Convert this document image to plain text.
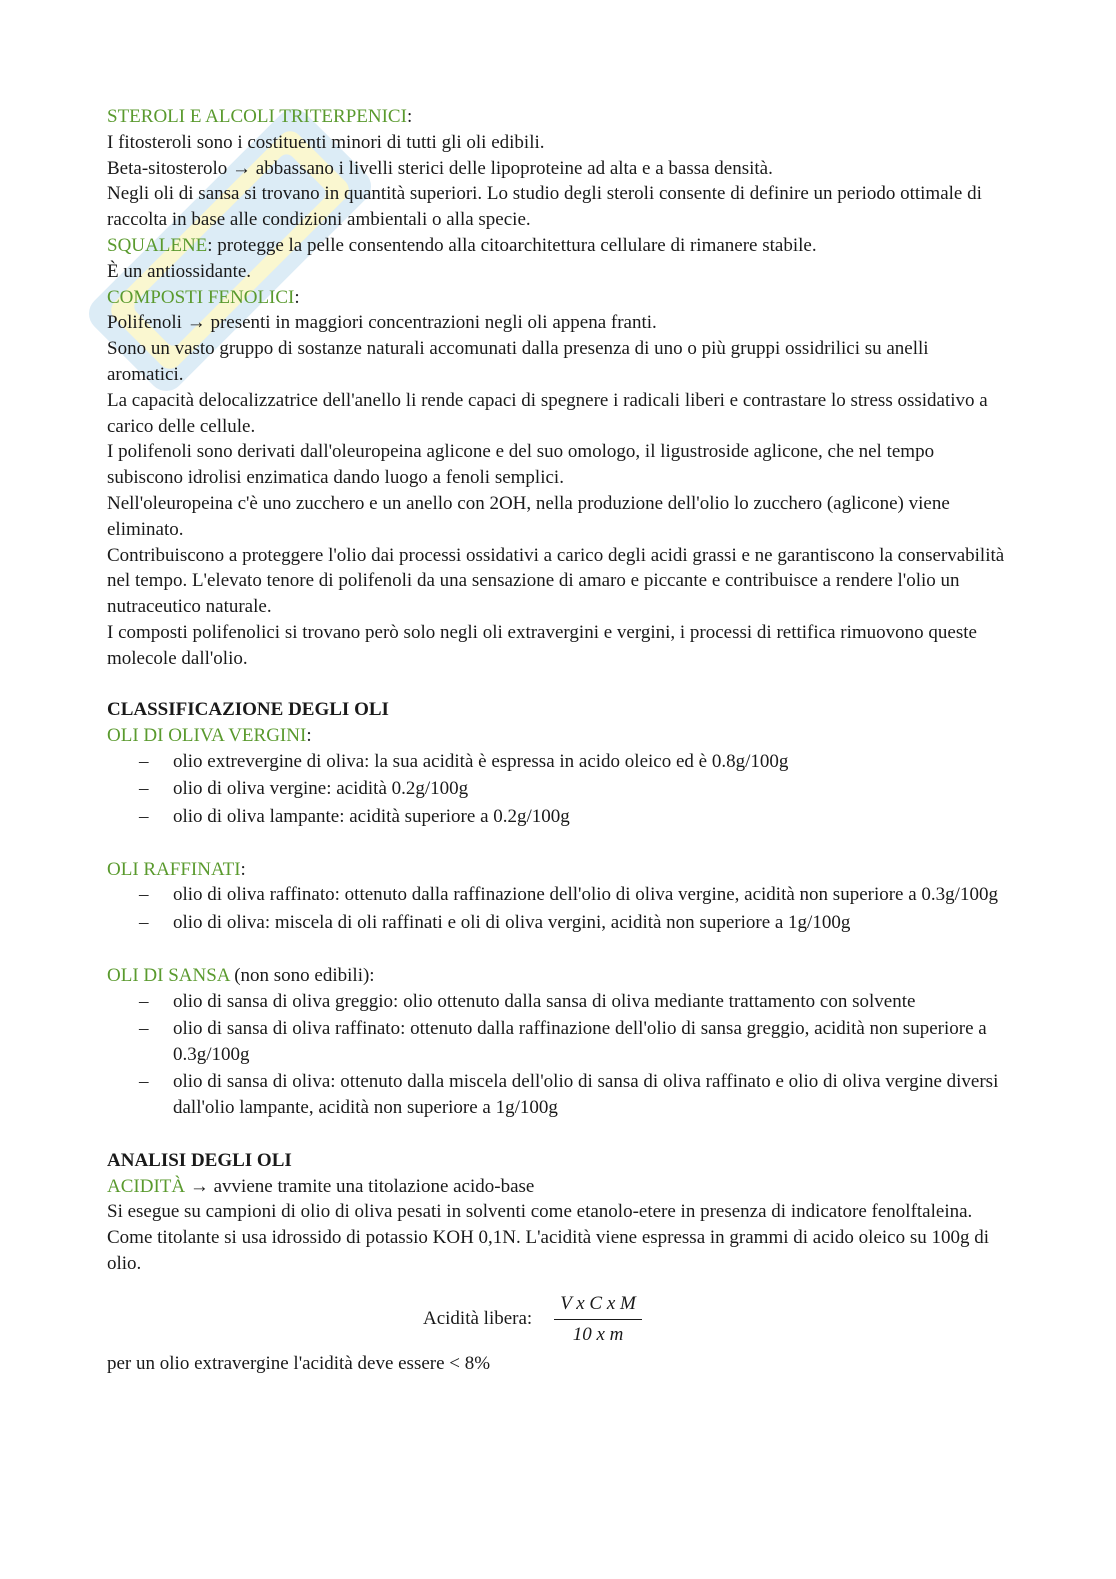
STEROLI E ALCOLI TRITERPENICI:

I fitosteroli sono i costituenti minori di tutti gli oli edibili.

Beta-sitosterolo → abbassano i livelli sterici delle lipoproteine ad alta e a bassa densità.

Negli oli di sansa si trovano in quantità superiori. Lo studio degli steroli consente di definire un periodo ottimale di raccolta in base alle condizioni ambientali o alla specie.

SQUALENE: protegge la pelle consentendo alla citoarchitettura cellulare di rimanere stabile.

È un antiossidante.

COMPOSTI FENOLICI:

Polifenoli → presenti in maggiori concentrazioni negli oli appena franti.

Sono un vasto gruppo di sostanze naturali accomunati dalla presenza di uno o più gruppi ossidrilici su anelli aromatici.

La capacità delocalizzatrice dell'anello li rende capaci di spegnere i radicali liberi e contrastare lo stress ossidativo a carico delle cellule.

I polifenoli sono derivati dall'oleuropeina aglicone e del suo omologo, il ligustroside aglicone, che nel tempo subiscono idrolisi enzimatica dando luogo a fenoli semplici.

Nell'oleuropeina c'è uno zucchero e un anello con 2OH, nella produzione dell'olio lo zucchero (aglicone) viene eliminato.

Contribuiscono a proteggere l'olio dai processi ossidativi a carico degli acidi grassi e ne garantiscono la conservabilità nel tempo. L'elevato tenore di polifenoli da una sensazione di amaro e piccante e contribuisce a rendere l'olio un nutraceutico naturale.

I composti polifenolici si trovano però solo negli oli extravergini e vergini, i processi di rettifica rimuovono queste molecole dall'olio.

CLASSIFICAZIONE DEGLI OLI

OLI DI OLIVA VERGINI:

– olio extrevergine di oliva: la sua acidità è espressa in acido oleico ed è 0.8g/100g
– olio di oliva vergine: acidità 0.2g/100g
– olio di oliva lampante: acidità superiore a 0.2g/100g

OLI RAFFINATI:

– olio di oliva raffinato: ottenuto dalla raffinazione dell'olio di oliva vergine, acidità non superiore a 0.3g/100g
– olio di oliva: miscela di oli raffinati e oli di oliva vergini, acidità non superiore a 1g/100g

OLI DI SANSA (non sono edibili):

– olio di sansa di oliva greggio: olio ottenuto dalla sansa di oliva mediante trattamento con solvente
– olio di sansa di oliva raffinato: ottenuto dalla raffinazione dell'olio di sansa greggio, acidità non superiore a 0.3g/100g
– olio di sansa di oliva: ottenuto dalla miscela dell'olio di sansa di oliva raffinato e olio di oliva vergine diversi dall'olio lampante, acidità non superiore a 1g/100g

ANALISI DEGLI OLI

ACIDITÀ → avviene tramite una titolazione acido-base

Si esegue su campioni di olio di oliva pesati in solventi come etanolo-etere in presenza di indicatore fenolftaleina. Come titolante si usa idrossido di potassio KOH 0,1N. L'acidità viene espressa in grammi di acido oleico su 100g di olio.

Acidità libera: $\frac{\text{V x C x M}}{\text{10 x m}}$

per un olio extravergine l'acidità deve essere < 8%
